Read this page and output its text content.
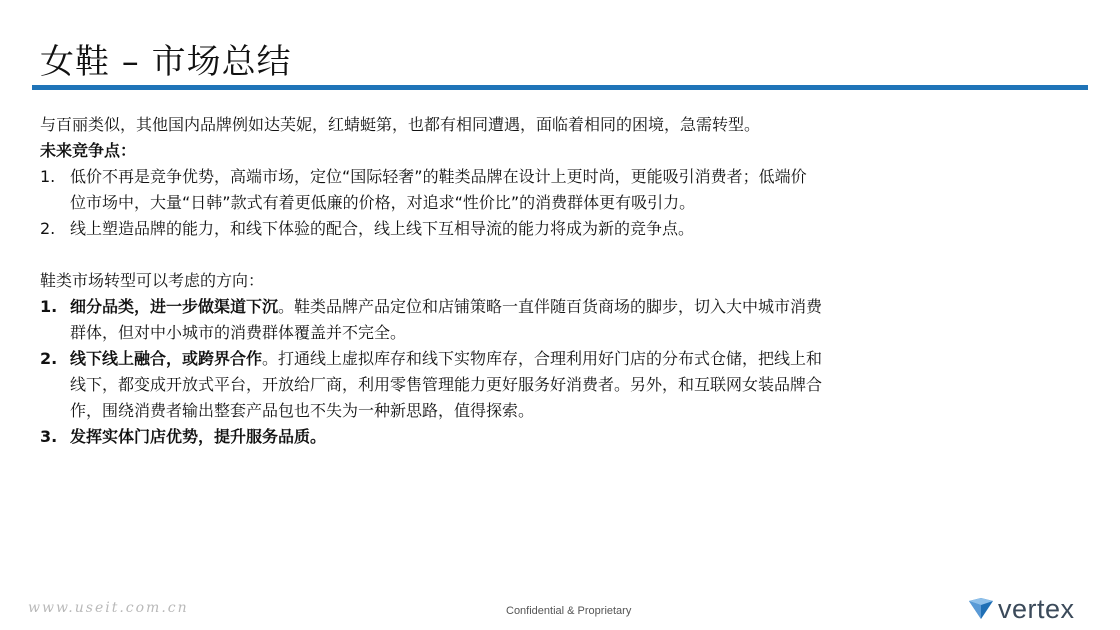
女鞋 – 市场总结
与百丽类似，其他国内品牌例如达芙妮，红蜻蜓第，也都有相同遭遇，面临着相同的困境，急需转型。
未来竞争点：
1. 低价不再是竞争优势，高端市场，定位“国际轻奢”的鞋类品牌在设计上更时尚，更能吸引消费者；低端价
位市场中，大量“日韩”款式有着更低廉的价格，对追求“性价比”的消费群体更有吸引力。
2. 线上塑造品牌的能力，和线下体验的配合，线上线下互相导流的能力将成为新的竞争点。
鞋类市场转型可以考虑的方向：
1. 细分品类，进一步做渠道下沉。鞋类品牌产品定位和店铺策略一直伴随百货商场的脚步，切入大中城市消费
群体，但对中小城市的消费群体覆盖并不完全。
2. 线下线上融合，或跨界合作。打通线上虚拟库存和线下实物库存，合理利用好门店的分布式仓储，把线上和
线下，都变成开放式平台，开放给厂商，利用零售管理能力更好服务好消费者。另外，和互联网女装品牌合
作，围绕消费者输出整套产品包也不失为一种新思路，值得探索。
3. 发挥实体门店优势，提升服务品质。
www.useit.com.cn	Confidential & Proprietary	vertex
